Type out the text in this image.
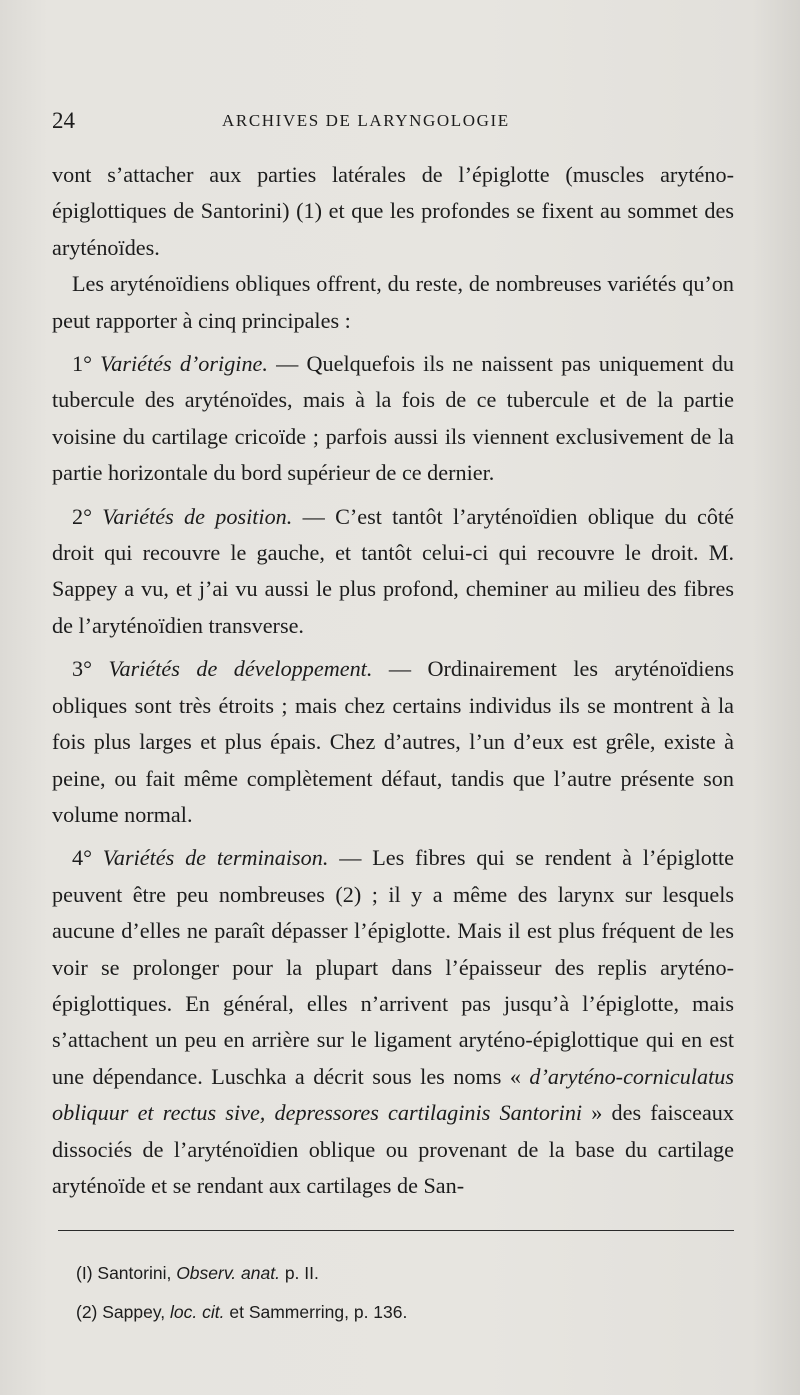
24	ARCHIVES DE LARYNGOLOGIE

vont s’attacher aux parties latérales de l’épiglotte (muscles aryténo-épiglottiques de Santorini) (1) et que les profondes se fixent au sommet des aryténoïdes.

Les aryténoïdiens obliques offrent, du reste, de nombreuses variétés qu’on peut rapporter à cinq principales :

1° Variétés d’origine. — Quelquefois ils ne naissent pas uniquement du tubercule des aryténoïdes, mais à la fois de ce tubercule et de la partie voisine du cartilage cricoïde ; parfois aussi ils viennent exclusivement de la partie horizontale du bord supérieur de ce dernier.

2° Variétés de position. — C’est tantôt l’aryténoïdien oblique du côté droit qui recouvre le gauche, et tantôt celui-ci qui recouvre le droit. M. Sappey a vu, et j’ai vu aussi le plus profond, cheminer au milieu des fibres de l’aryténoïdien transverse.

3° Variétés de développement. — Ordinairement les aryténoïdiens obliques sont très étroits ; mais chez certains individus ils se montrent à la fois plus larges et plus épais. Chez d’autres, l’un d’eux est grêle, existe à peine, ou fait même complètement défaut, tandis que l’autre présente son volume normal.

4° Variétés de terminaison. — Les fibres qui se rendent à l’épiglotte peuvent être peu nombreuses (2) ; il y a même des larynx sur lesquels aucune d’elles ne paraît dépasser l’épiglotte. Mais il est plus fréquent de les voir se prolonger pour la plupart dans l’épaisseur des replis aryténo-épiglottiques. En général, elles n’arrivent pas jusqu’à l’épiglotte, mais s’attachent un peu en arrière sur le ligament aryténo-épiglottique qui en est une dépendance. Luschka a décrit sous les noms « d’aryténo-corniculatus obliquur et rectus sive, depressores cartilaginis Santorini » des faisceaux dissociés de l’aryténoïdien oblique ou provenant de la base du cartilage aryténoïde et se rendant aux cartilages de San-

(I) Santorini, Observ. anat. p. II.

(2) Sappey, loc. cit. et Sammerring, p. 136.
